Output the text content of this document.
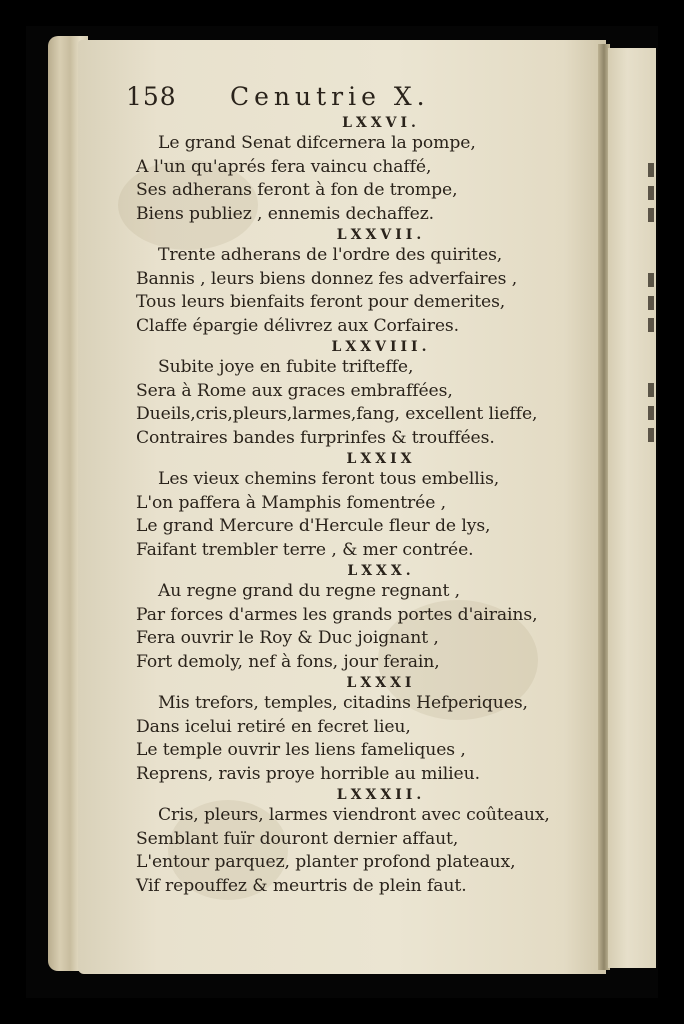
158 Cenutrie X.
LXXVI.
Le grand Senat difcernera la pompe,
A l'un qu'aprés fera vaincu chaffé,
Ses adherans feront à fon de trompe,
Biens publiez , ennemis dechaffez.
LXXVII.
Trente adherans de l'ordre des quirites,
Bannis , leurs biens donnez fes adverfaires ,
Tous leurs bienfaits feront pour demerites,
Claffe épargie délivrez aux Corfaires.
LXXVIII.
Subite joye en fubite trifteffe,
Sera à Rome aux graces embraffées,
Dueils,cris,pleurs,larmes,fang, excellent lieffe,
Contraires bandes furprinfes & trouffées.
LXXIX
Les vieux chemins feront tous embellis,
L'on paffera à Mamphis fomentrée ,
Le grand Mercure d'Hercule fleur de lys,
Faifant trembler terre , & mer contrée.
LXXX.
Au regne grand du regne regnant ,
Par forces d'armes les grands portes d'airains,
Fera ouvrir le Roy & Duc joignant ,
Fort demoly, nef à fons, jour ferain,
LXXXI
Mis trefors, temples, citadins Hefperiques,
Dans icelui retiré en fecret lieu,
Le temple ouvrir les liens fameliques ,
Reprens, ravis proye horrible au milieu.
LXXXII.
Cris, pleurs, larmes viendront avec coûteaux,
Semblant fuïr douront dernier affaut,
L'entour parquez, planter profond plateaux,
Vif repouffez & meurtris de plein faut.
